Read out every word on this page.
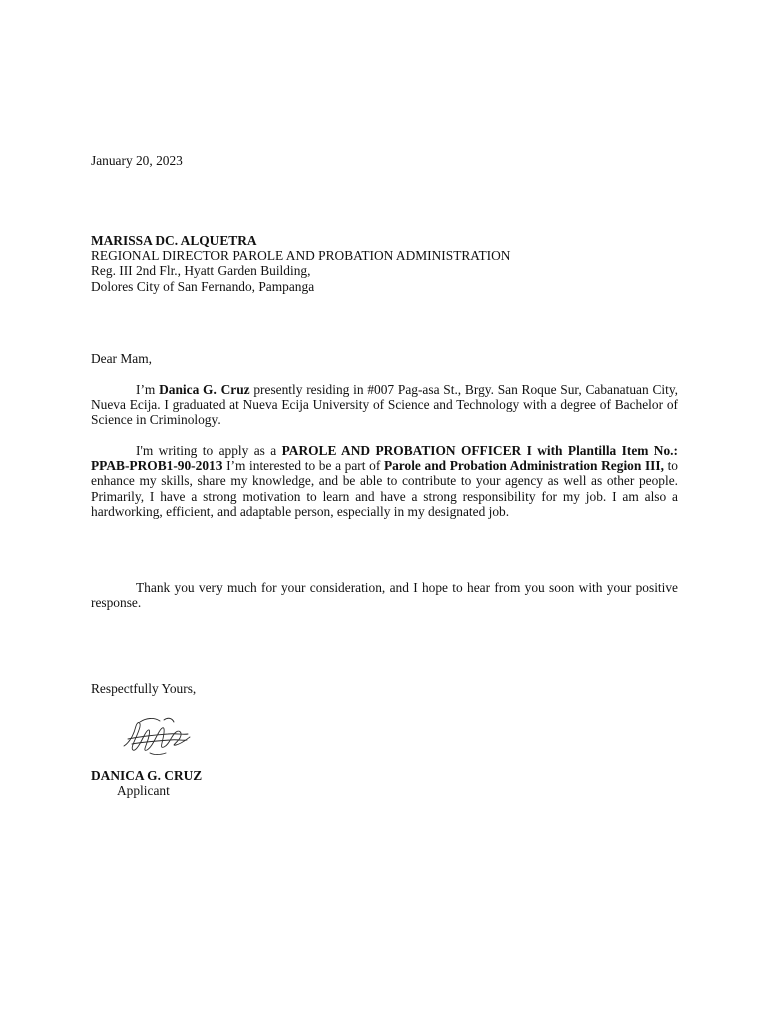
January 20, 2023
MARISSA DC. ALQUETRA
REGIONAL DIRECTOR PAROLE AND PROBATION ADMINISTRATION
Reg. III 2nd Flr., Hyatt Garden Building,
Dolores City of San Fernando, Pampanga
Dear Mam,
I’m Danica G. Cruz presently residing in #007 Pag-asa St., Brgy. San Roque Sur, Cabanatuan City, Nueva Ecija. I graduated at Nueva Ecija University of Science and Technology with a degree of Bachelor of Science in Criminology.
I'm writing to apply as a PAROLE AND PROBATION OFFICER I with Plantilla Item No.: PPAB-PROB1-90-2013 I’m interested to be a part of Parole and Probation Administration Region III, to enhance my skills, share my knowledge, and be able to contribute to your agency as well as other people. Primarily, I have a strong motivation to learn and have a strong responsibility for my job. I am also a hardworking, efficient, and adaptable person, especially in my designated job.
Thank you very much for your consideration, and I hope to hear from you soon with your positive response.
Respectfully Yours,
DANICA G. CRUZ
Applicant
